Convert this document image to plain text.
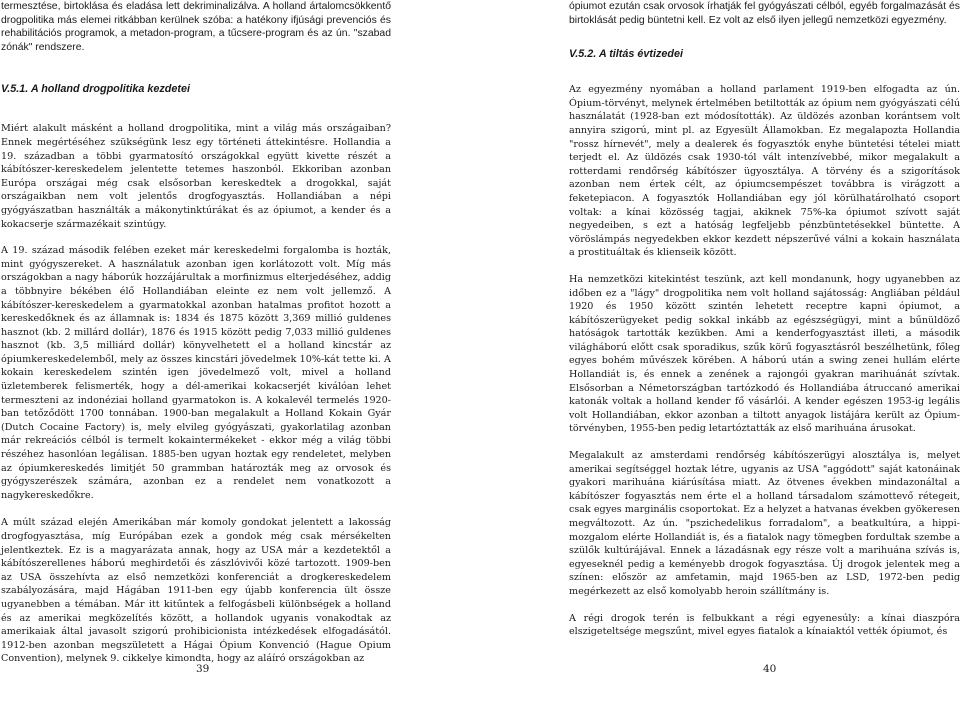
termesztése, birtoklása és eladása lett dekriminalizálva. A holland ártalomcsökkentő drogpolitika más elemei ritkábban kerülnek szóba: a hatékony ifjúsági prevenciós és rehabilitációs programok, a metadon-program, a tűcsere-program és az ún. "szabad zónák" rendszere.

V.5.1. A holland drogpolitika kezdetei

Miért alakult másként a holland drogpolitika, mint a világ más országaiban? Ennek megértéséhez szükségünk lesz egy történeti áttekintésre. Hollandia a 19. században a többi gyarmatosító országokkal együtt kivette részét a kábítószer-kereskedelem jelentette tetemes haszonból. Ekkoriban azonban Európa országai még csak elsősorban kereskedtek a drogokkal, saját országaikban nem volt jelentős drogfogyasztás. Hollandiában a népi gyógyászatban használták a mákonytinktúrákat és az ópiumot, a kender és a kokacserje származékait szintúgy.

A 19. század második felében ezeket már kereskedelmi forgalomba is hozták, mint gyógyszereket. A használatuk azonban igen korlátozott volt. Míg más országokban a nagy háborúk hozzájárultak a morfinizmus elterjedéséhez, addig a többnyire békében élő Hollandiában eleinte ez nem volt jellemző. A kábítószer-kereskedelem a gyarmatokkal azonban hatalmas profitot hozott a kereskedőknek és az államnak is: 1834 és 1875 között 3,369 millió guldenes hasznot (kb. 2 millárd dollár), 1876 és 1915 között pedig 7,033 millió guldenes hasznot (kb. 3,5 milliárd dollár) könyvelhetett el a holland kincstár az ópiumkereskedelemből, mely az összes kincstári jövedelmek 10%-kát tette ki. A kokain kereskedelem szintén igen jövedelmező volt, mivel a holland üzletemberek felismerték, hogy a dél-amerikai kokacserjét kiválóan lehet termeszteni az indonéziai holland gyarmatokon is. A kokalevél termelés 1920-ban tetőződött 1700 tonnában. 1900-ban megalakult a Holland Kokain Gyár (Dutch Cocaine Factory) is, mely elvileg gyógyászati, gyakorlatilag azonban már rekreációs célból is termelt kokaintermékeket - ekkor még a világ többi részéhez hasonlóan legálisan. 1885-ben ugyan hoztak egy rendeletet, melyben az ópiumkereskedés limitjét 50 grammban határozták meg az orvosok és gyógyszerészek számára, azonban ez a rendelet nem vonatkozott a nagykereskedőkre.

A múlt század elején Amerikában már komoly gondokat jelentett a lakosság drogfogyasztása, míg Európában ezek a gondok még csak mérsékelten jelentkeztek. Ez is a magyarázata annak, hogy az USA már a kezdetektől a kábítószerellenes háború meghirdetői és zászlóvivői közé tartozott. 1909-ben az USA összehívta az első nemzetközi konferenciát a drogkereskedelem szabályozására, majd Hágában 1911-ben egy újabb konferencia ült össze ugyanebben a témában. Már itt kitűntek a felfogásbeli különbségek a holland és az amerikai megközelítés között, a hollandok ugyanis vonakodtak az amerikaiak által javasolt szigorú prohibicionista intézkedések elfogadásától. 1912-ben azonban megszületett a Hágai Ópium Konvenció (Hague Opium Convention), melynek 9. cikkelye kimondta, hogy az aláíró országokban az

39

ópiumot ezután csak orvosok írhatják fel gyógyászati célból, egyéb forgalmazását és birtoklását pedig büntetni kell. Ez volt az első ilyen jellegű nemzetközi egyezmény.

V.5.2. A tiltás évtizedei

Az egyezmény nyomában a holland parlament 1919-ben elfogadta az ún. Ópium-törvényt, melynek értelmében betiltották az ópium nem gyógyászati célú használatát (1928-ban ezt módosították). Az üldözés azonban korántsem volt annyira szigorú, mint pl. az Egyesült Államokban. Ez megalapozta Hollandia "rossz hírnevét", mely a dealerek és fogyasztók enyhe büntetési tételei miatt terjedt el. Az üldözés csak 1930-tól vált intenzívebbé, mikor megalakult a rotterdami rendőrség kábítószer ügyosztálya. A törvény és a szigorítások azonban nem értek célt, az ópiumcsempészet továbbra is virágzott a feketepiacon. A fogyasztók Hollandiában egy jól körülhatárolható csoport voltak: a kínai közösség tagjai, akiknek 75%-ka ópiumot szívott saját negyedeiben, s ezt a hatóság legfeljebb pénzbüntetésekkel büntette. A vöröslámpás negyedekben ekkor kezdett népszerűvé válni a kokain használata a prostituáltak és klienseik között.

Ha nemzetközi kitekintést teszünk, azt kell mondanunk, hogy ugyanebben az időben ez a "lágy" drogpolitika nem volt holland sajátosság: Angliában például 1920 és 1950 között szintén lehetett receptre kapni ópiumot, a kábítószerügyeket pedig sokkal inkább az egészségügyi, mint a bűnüldöző hatóságok tartották kezükben. Ami a kenderfogyasztást illeti, a második világháború előtt csak sporadikus, szűk körű fogyasztásról beszélhetünk, főleg egyes bohém művészek körében. A háború után a swing zenei hullám elérte Hollandiát is, és ennek a zenének a rajongói gyakran marihuánát szívtak. Elsősorban a Németországban tartózkodó és Hollandiába átruccanó amerikai katonák voltak a holland kender fő vásárlói. A kender egészen 1953-ig legális volt Hollandiában, ekkor azonban a tiltott anyagok listájára került az Ópium-törvényben, 1955-ben pedig letartóztatták az első marihuána árusokat.

Megalakult az amsterdami rendőrség kábítószerügyi alosztálya is, melyet amerikai segítséggel hoztak létre, ugyanis az USA "aggódott" saját katonáinak gyakori marihuána kiárúsítása miatt. Az ötvenes években mindazonáltal a kábítószer fogyasztás nem érte el a holland társadalom számottevő rétegeit, csak egyes marginális csoportokat. Ez a helyzet a hatvanas években gyökeresen megváltozott. Az ún. "pszichedelikus forradalom", a beatkultúra, a hippi-mozgalom elérte Hollandiát is, és a fiatalok nagy tömegben fordultak szembe a szülők kultúrájával. Ennek a lázadásnak egy része volt a marihuána szívás is, egyeseknél pedig a keményebb drogok fogyasztása. Új drogok jelentek meg a színen: először az amfetamin, majd 1965-ben az LSD, 1972-ben pedig megérkezett az első komolyabb heroin szállítmány is.

A régi drogok terén is felbukkant a régi egyenesúly: a kínai diaszpóra elszigeteltsége megszűnt, mivel egyes fiatalok a kínaiaktól vették ópiumot, és

40
